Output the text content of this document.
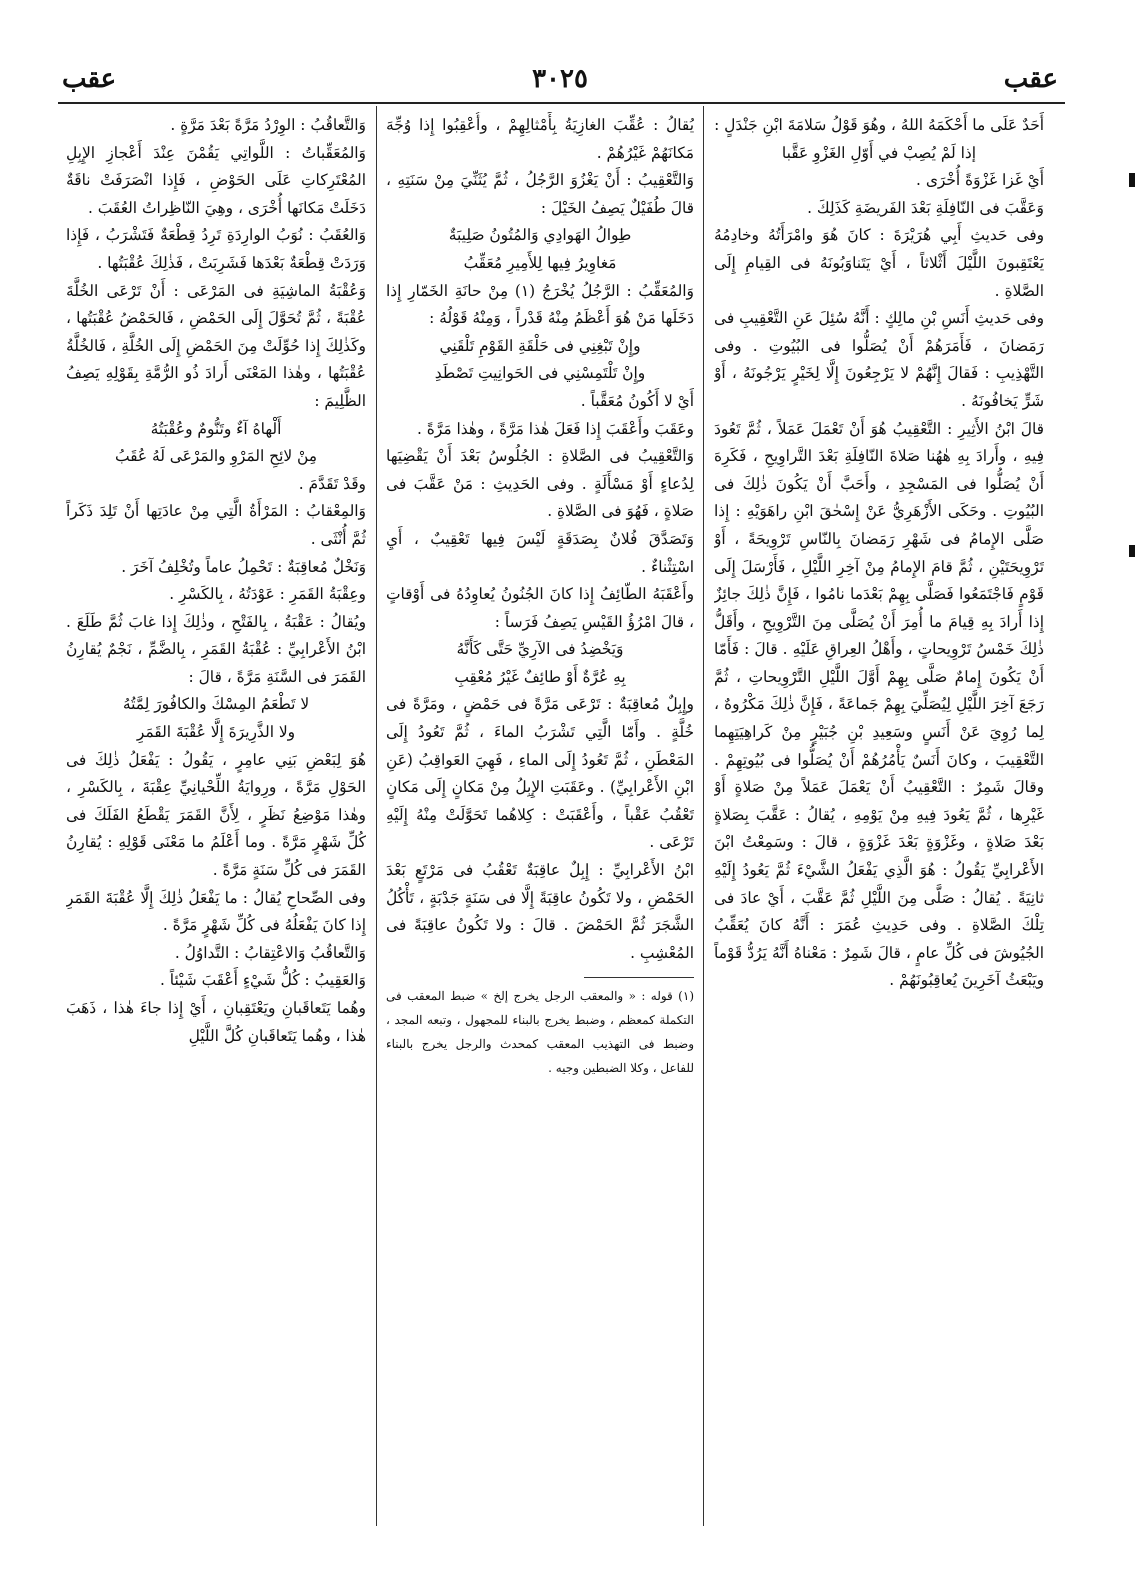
عقب
٣٠٢٥
عقب

أَحَدٌ عَلَى ما أَحْكَمَهُ اللهُ ، وهُوَ قَوْلُ سَلامَةَ ابْنِ جَنْدَلٍ :

إذا لَمْ يُصِبْ في أَوّلِ الغَزْوِ عَقَّبا

أَيْ غَزا غَزْوَةً أُخْرَى .

وَعَقَّبَ فى النّافِلَةِ بَعْدَ الفَريضَةِ كَذَلِكَ .

وفى حَديثِ أَبِي هُرَيْرَةَ : كانَ هُوَ وامْرَأَتُهُ وخادِمُهُ يَعْتَقِبونَ اللَّيْلَ أَثْلاثاً ، أَيْ يَتَناوَبُونَهُ فى القِيامِ إِلَى الصَّلاةِ .

وفى حَديثِ أَنَسِ بْنِ مالِكٍ : أَنَّهُ سُئِلَ عَنِ التَّعْقِيبِ فى رَمَضانَ ، فَأَمَرَهُمْ أَنْ يُصَلُّوا فى البُيُوتِ . وفى التَّهْذِيبِ : فَقالَ إِنَّهُمْ لا يَرْجِعُونَ إِلَّا لِخَيْرٍ يَرْجُونَهُ ، أَوْ شَرٍّ يَخافُونَهُ .

قالَ ابْنُ الأَثِيرِ : التَّعْقِيبُ هُوَ أَنْ تَعْمَلَ عَمَلاً ، ثُمَّ تَعُودَ فِيهِ ، وأَرادَ بِهِ هٰهُنا صَلاةَ النّافِلَةِ بَعْدَ التَّراوِيحِ ، فَكَرِهَ أَنْ يُصَلُّوا فى المَسْجِدِ ، وأَحَبَّ أَنْ يَكُونَ ذٰلِكَ فى البُيُوتِ . وحَكَى الأَزْهَرِيُّ عَنْ إِسْحٰقَ ابْنِ راهَوَيْهِ : إِذا صَلَّى الإِمامُ فى شَهْرِ رَمَضانَ بِالنّاسِ تَرْوِيحَةً ، أَوْ تَرْوِيحَتَيْنِ ، ثُمَّ قامَ الإِمامُ مِنْ آخِرِ اللَّيْلِ ، فَأَرْسَلَ إِلَى قَوْمٍ فَاجْتَمَعُوا فَصَلَّى بِهِمْ بَعْدَما نامُوا ، فَإِنَّ ذٰلِكَ جائِزٌ إِذا أَرادَ بِهِ قِيامَ ما أُمِرَ أَنْ يُصَلَّى مِنَ التَّرْوِيحِ ، وأَقَلُّ ذٰلِكَ خَمْسُ تَرْوِيحاتٍ ، وأَهْلُ العِراقِ عَلَيْهِ . قالَ : فَأَمّا أَنْ يَكُونَ إِمامٌ صَلَّى بِهِمْ أَوَّلَ اللَّيْلِ التَّرْوِيحاتِ ، ثُمَّ رَجَعَ آخِرَ اللَّيْلِ لِيُصَلِّيَ بِهِمْ جَماعَةً ، فَإِنَّ ذٰلِكَ مَكْرُوهٌ ، لِما رُوِيَ عَنْ أَنَسٍ وسَعِيدِ بْنِ جُبَيْرٍ مِنْ كَراهِيَتِهِما التَّعْقِيبَ ، وكانَ أَنَسٌ يَأْمُرُهُمْ أَنْ يُصَلُّوا فى بُيُوتِهِمْ . وقالَ شَمِرٌ : التَّعْقِيبُ أَنْ يَعْمَلَ عَمَلاً مِنْ صَلاةٍ أَوْ غَيْرِها ، ثُمَّ يَعُودَ فِيهِ مِنْ يَوْمِهِ ، يُقالُ : عَقَّبَ بِصَلاةٍ بَعْدَ صَلاةٍ ، وغَزْوَةٍ بَعْدَ غَزْوَةٍ ، قالَ : وسَمِعْتُ ابْنَ الأَعْرابِيِّ يَقُولُ : هُوَ الَّذِي يَفْعَلُ الشَّيْءَ ثُمَّ يَعُودُ إِلَيْهِ ثانِيَةً . يُقالُ : صَلَّى مِنَ اللَّيْلِ ثُمَّ عَقَّبَ ، أَيْ عادَ فى تِلْكَ الصَّلاةِ . وفى حَدِيثِ عُمَرَ : أَنَّهُ كانَ يُعَقِّبُ الجُيُوشَ فى كُلِّ عامٍ ، قالَ شَمِرٌ : مَعْناهُ أَنَّهُ يَرُدُّ قَوْماً ويَبْعَثُ آخَرِينَ يُعاقِبُونَهُمْ .

يُقالُ : عُقِّبَ الغازِيَةُ بِأَمْثالِهِمْ ، وأُعْقِبُوا إِذا وُجِّهَ مَكانَهُمْ غَيْرُهُمْ .

وَالتَّعْقِيبُ : أَنْ يَغْزُوَ الرَّجُلُ ، ثُمَّ يُثَنِّيَ مِنْ سَنَتِهِ ، قالَ طُفَيْلٌ يَصِفُ الخَيْلَ :

طِوالُ الهَوادِي وَالمُتُونُ صَلِيبَةٌ

مَغاوِيرُ فِيها لِلأَمِيرِ مُعَقِّبُ

وَالمُعَقِّبُ : الرَّجُلُ يُخْرَجُ (١) مِنْ حانَةِ الخَمّارِ إِذا دَخَلَها مَنْ هُوَ أَعْظَمُ مِنْهُ قَدْراً ، وَمِنْهُ قَوْلُهُ :

وإِنْ تَبْغِنِي فى حَلْقَةِ القَوْمِ تَلْقَنِي

وإِنْ تَلْتَمِسْنِي فى الحَوانِيتِ تَصْطَدِ

أَيْ لا أَكُونُ مُعَقَّباً .

وعَقَبَ وأَعْقَبَ إِذا فَعَلَ هٰذا مَرَّةً ، وهٰذا مَرَّةً .

وَالتَّعْقِيبُ فى الصَّلاةِ : الجُلُوسُ بَعْدَ أَنْ يَقْضِيَها لِدُعاءٍ أَوْ مَسْأَلَةٍ . وفى الحَدِيثِ : مَنْ عَقَّبَ فى صَلاةٍ ، فَهُوَ فى الصَّلاةِ .

وَتَصَدَّقَ فُلانٌ بِصَدَقَةٍ لَيْسَ فِيها تَعْقِيبٌ ، أَيِ اسْتِثْناءٌ .

وأَعْقَبَهُ الطّائِفُ إِذا كانَ الجُنُونُ يُعاوِدُهُ فى أَوْقاتٍ ، قالَ امْرُؤُ القَيْسِ يَصِفُ فَرَساً :

وَيَخْضِدُ فى الآرِيِّ حَتَّى كَأَنَّهُ

بِهِ عُرَّةٌ أَوْ طائِفٌ غَيْرُ مُعْقِبِ

وإِبِلٌ مُعاقِبَةٌ : تَرْعَى مَرَّةً فى حَمْضٍ ، ومَرَّةً فى خُلَّةٍ . وأَمّا الَّتِي تَشْرَبُ الماءَ ، ثُمَّ تَعُودُ إِلَى المَعْطَنِ ، ثُمَّ تَعُودُ إِلَى الماءِ ، فَهِيَ العَواقِبُ (عَنِ ابْنِ الأَعْرابِيِّ) . وعَقَبَتِ الإِبِلُ مِنْ مَكانٍ إِلَى مَكانٍ تَعْقُبُ عَقْباً ، وأَعْقَبَتْ : كِلاهُما تَحَوَّلَتْ مِنْهُ إِلَيْهِ تَرْعَى .

ابْنُ الأَعْرابِيِّ : إِبِلٌ عاقِبَةٌ تَعْقُبُ فى مَرْتَعٍ بَعْدَ الحَمْضِ ، ولا تَكُونُ عاقِبَةً إِلَّا فى سَنَةٍ جَدْبَةٍ ، تَأْكُلُ الشَّجَرَ ثُمَّ الحَمْضَ . قالَ : ولا تَكُونُ عاقِبَةً فى المُعْشِبِ .

(١) قوله : « والمعقب الرجل يخرج إلخ » ضبط المعقب فى التكملة كمعظم ، وضبط يخرج بالبناء للمجهول ، وتبعه المجد ، وضبط فى التهذيب المعقب كمحدث والرجل يخرج بالبناء للفاعل ، وكلا الضبطين وجيه .

وَالتَّعاقُبُ : الوِرْدُ مَرَّةً بَعْدَ مَرَّةٍ .

وَالمُعَقِّباتُ : اللَّواتِي يَقُمْنَ عِنْدَ أَعْجازِ الإِبِلِ المُعْتَرِكاتِ عَلَى الحَوْضِ ، فَإِذا انْصَرَفَتْ ناقَةٌ دَخَلَتْ مَكانَها أُخْرَى ، وهِيَ النّاظِراتُ العُقَبَ .

وَالعُقَبُ : نُوَبُ الوارِدَةِ تَرِدُ قِطْعَةٌ فَتَشْرَبُ ، فَإِذا وَرَدَتْ قِطْعَةٌ بَعْدَها فَشَرِبَتْ ، فَذٰلِكَ عُقْبَتُها .

وَعُقْبَةُ الماشِيَةِ فى المَرْعَى : أَنْ تَرْعَى الخُلَّةَ عُقْبَةً ، ثُمَّ تُحَوَّلَ إِلَى الحَمْضِ ، فَالحَمْضُ عُقْبَتُها ، وكَذٰلِكَ إِذا حُوِّلَتْ مِنَ الحَمْضِ إِلَى الخُلَّةِ ، فَالخُلَّةُ عُقْبَتُها ، وهٰذا المَعْنَى أَرادَ ذُو الرُّمَّةِ بِقَوْلِهِ يَصِفُ الظَّلِيمَ :

أَلْهاهُ آءٌ وتَنُّومٌ وعُقْبَتُهُ

مِنْ لائِحِ المَرْوِ والمَرْعَى لَهُ عُقَبُ

وقَدْ تَقَدَّمَ .

وَالمِعْقابُ : المَرْأَةُ الَّتِي مِنْ عادَتِها أَنْ تَلِدَ ذَكَراً ثُمَّ أُنْثَى .

وَنَخْلٌ مُعاقِبَةٌ : تَحْمِلُ عاماً وتُخْلِفُ آخَرَ .

وعِقْبَةُ القَمَرِ : عَوْدَتُهُ ، بِالكَسْرِ .

ويُقالُ : عَقْبَةُ ، بِالفَتْحِ ، وذٰلِكَ إِذا غابَ ثُمَّ طَلَعَ . ابْنُ الأَعْرابِيِّ : عُقْبَةُ القَمَرِ ، بِالضَّمِّ ، نَجْمٌ يُقارِنُ القَمَرَ فى السَّنَةِ مَرَّةً ، قالَ :

لا تَطْعَمُ المِسْكَ والكافُورَ لِمَّتُهُ

ولا الذَّرِيرَةَ إِلَّا عُقْبَةَ القَمَرِ

هُوَ لِبَعْضِ بَنِي عامِرٍ ، يَقُولُ : يَفْعَلُ ذٰلِكَ فى الحَوْلِ مَرَّةً ، ورِوايَةُ اللِّحْيانِيِّ عِقْبَةَ ، بِالكَسْرِ ، وهٰذا مَوْضِعُ نَظَرٍ ، لِأَنَّ القَمَرَ يَقْطَعُ الفَلَكَ فى كُلِّ شَهْرٍ مَرَّةً . وما أَعْلَمُ ما مَعْنَى قَوْلِهِ : يُقارِنُ القَمَرَ فى كُلِّ سَنَةٍ مَرَّةً .

وفى الصِّحاحِ يُقالُ : ما يَفْعَلُ ذٰلِكَ إِلَّا عُقْبَةَ القَمَرِ إِذا كانَ يَفْعَلُهُ فى كُلِّ شَهْرٍ مَرَّةً .

وَالتَّعاقُبُ وَالاعْتِقابُ : التَّداوُلُ .

وَالعَقِيبُ : كُلُّ شَيْءٍ أَعْقَبَ شَيْئاً .

وهُما يَتَعاقَبانِ ويَعْتَقِبانِ ، أَيْ إِذا جاءَ هٰذا ، ذَهَبَ هٰذا ، وهُما يَتَعاقَبانِ كُلَّ اللَّيْلِ
